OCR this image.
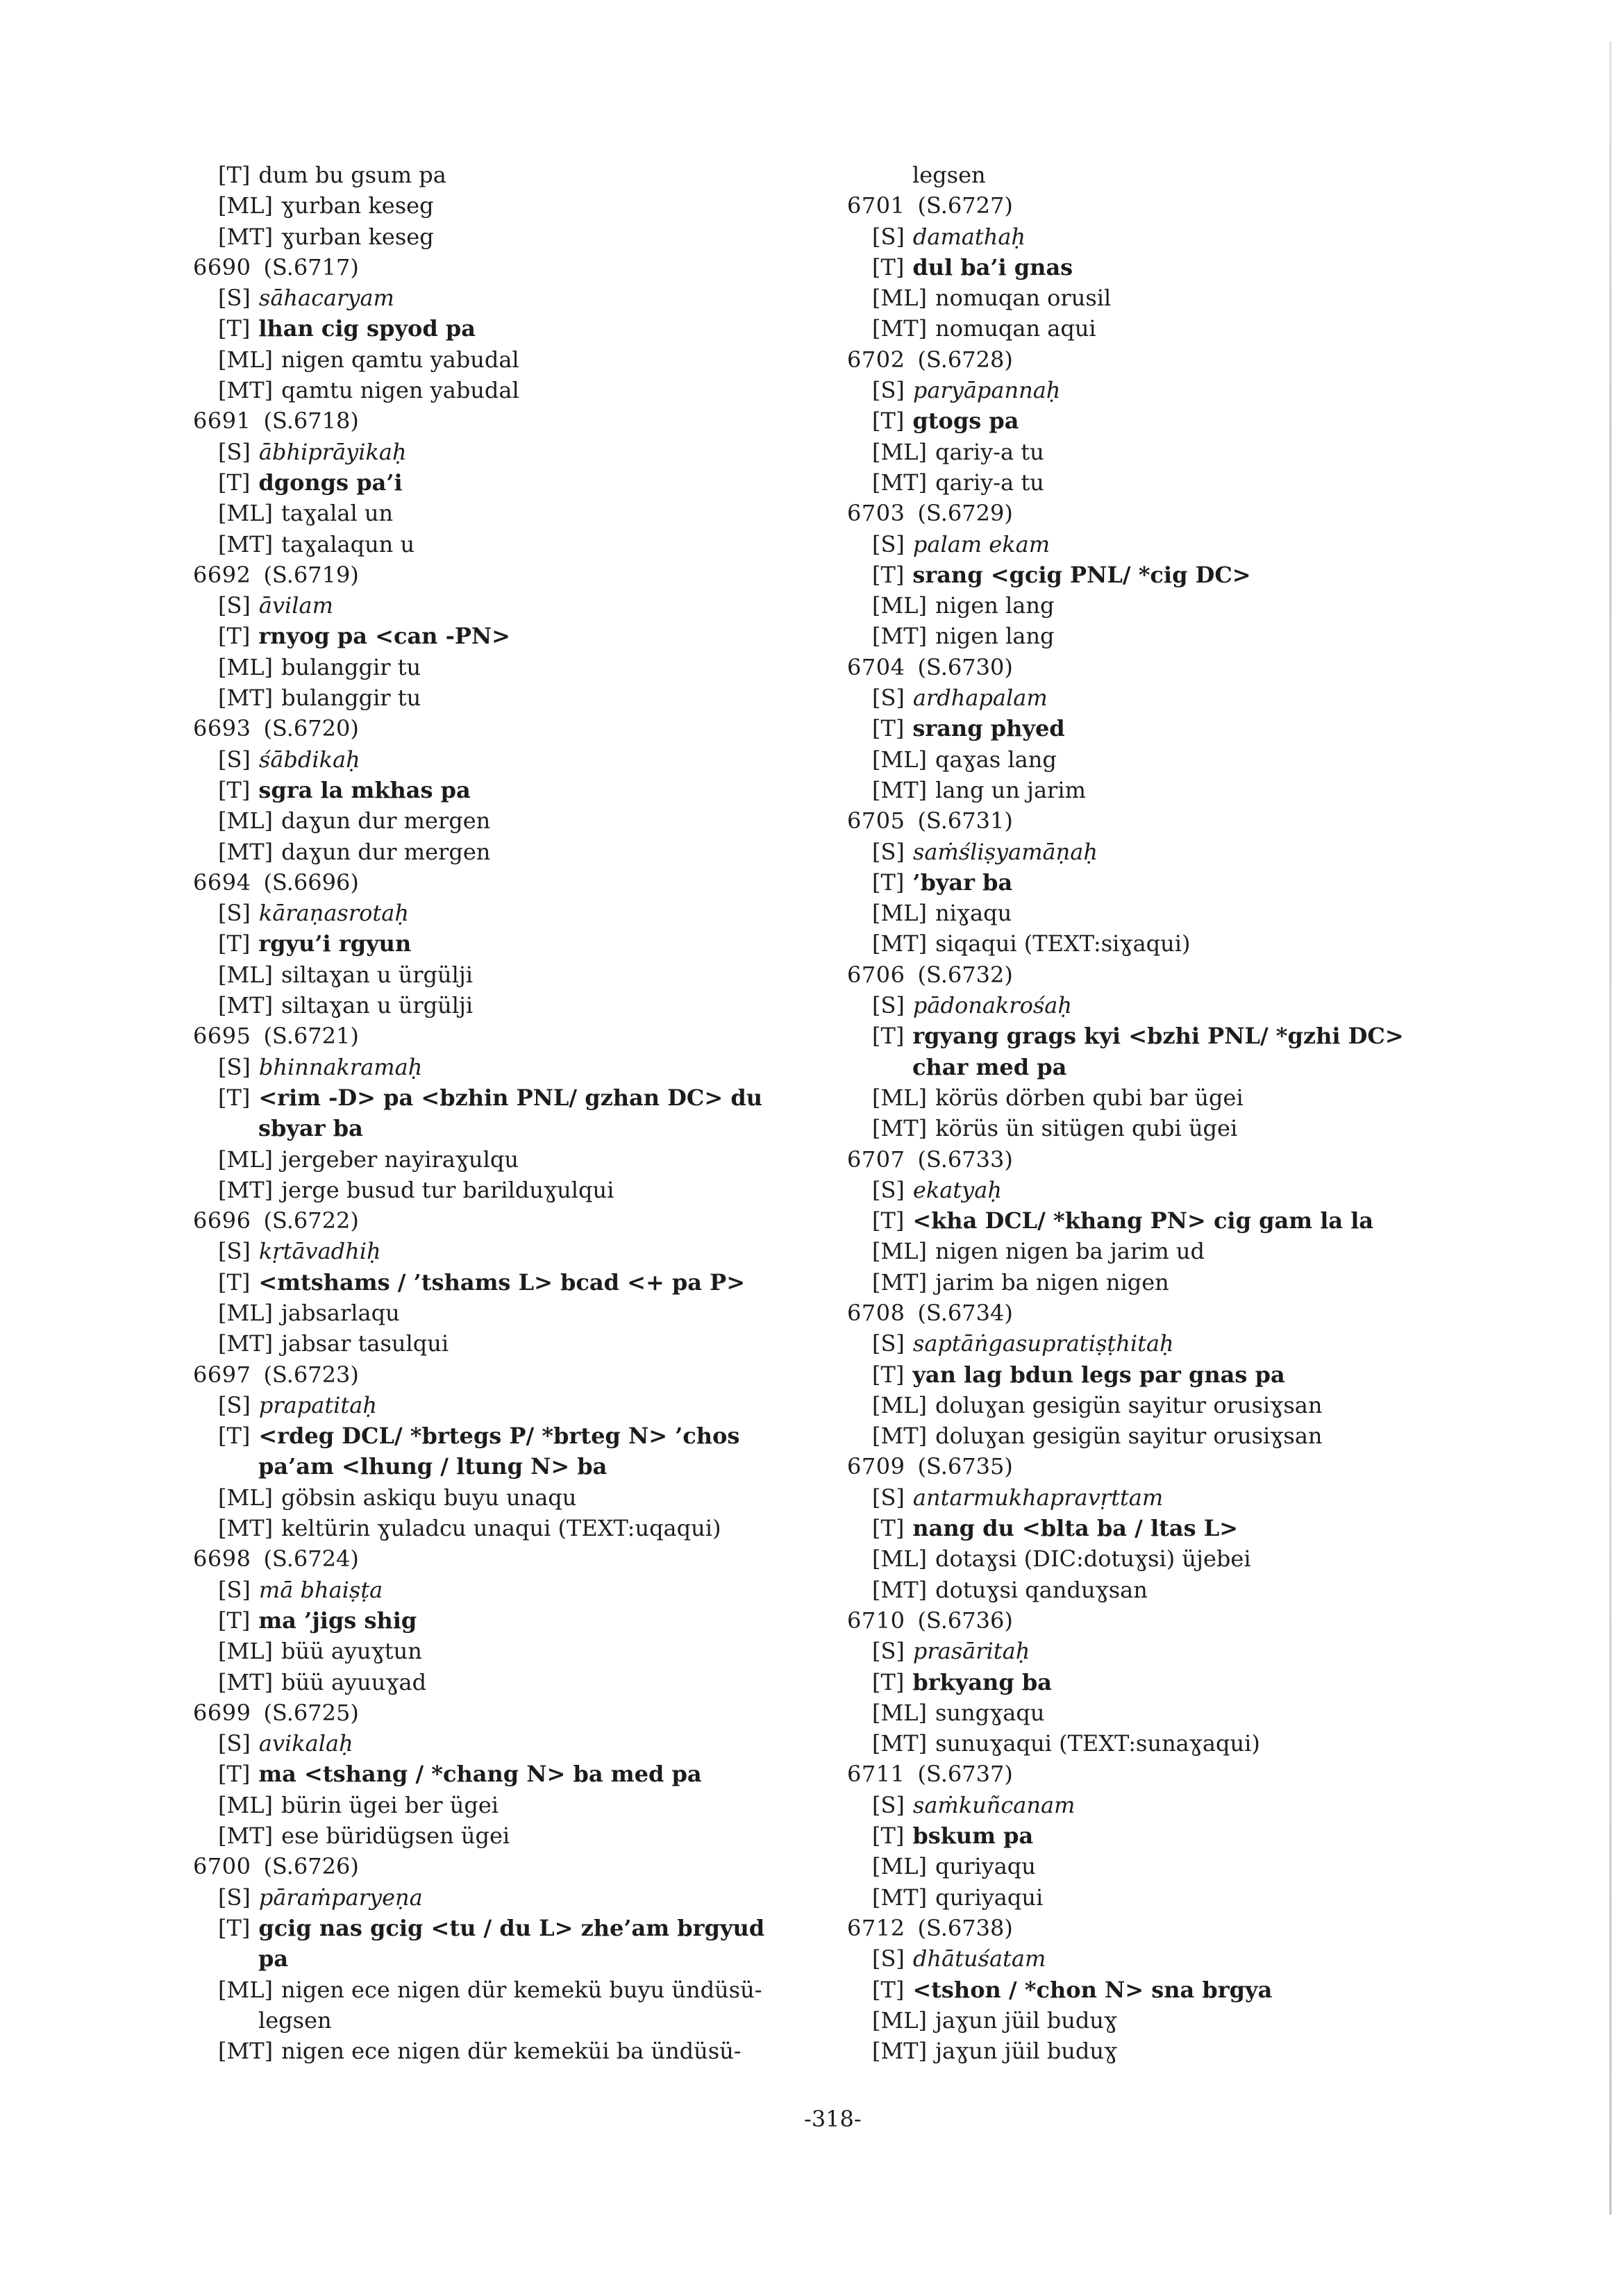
[T] dum bu gsum pa
[ML] ɣurban keseg
[MT] ɣurban keseg
6690 (S.6717)
[S] sāhacaryam
[T] lhan cig spyod pa
[ML] nigen qamtu yabudal
[MT] qamtu nigen yabudal
6691 (S.6718)
[S] ābhiprāyikaḥ
[T] dgongs pa’i
[ML] taɣalal un
[MT] taɣalaqun u
6692 (S.6719)
[S] āvilam
[T] rnyog pa <can -PN>
[ML] bulanggir tu
[MT] bulanggir tu
6693 (S.6720)
[S] śābdikaḥ
[T] sgra la mkhas pa
[ML] daɣun dur mergen
[MT] daɣun dur mergen
6694 (S.6696)
[S] kāraṇasrotaḥ
[T] rgyu’i rgyun
[ML] siltaɣan u ürgülji
[MT] siltaɣan u ürgülji
6695 (S.6721)
[S] bhinnakramaḥ
[T] <rim -D> pa <bzhin PNL/ gzhan DC> du
sbyar ba
[ML] jergeber nayiraɣulqu
[MT] jerge busud tur barilduɣulqui
6696 (S.6722)
[S] kṛtāvadhiḥ
[T] <mtshams / ’tshams L> bcad <+ pa P>
[ML] jabsarlaqu
[MT] jabsar tasulqui
6697 (S.6723)
[S] prapatitaḥ
[T] <rdeg DCL/ *brtegs P/ *brteg N> ’chos
pa’am <lhung / ltung N> ba
[ML] göbsin askiqu buyu unaqu
[MT] keltürin ɣuladcu unaqui (TEXT:uqaqui)
6698 (S.6724)
[S] mā bhaiṣṭa
[T] ma ’jigs shig
[ML] büü ayuɣtun
[MT] büü ayuuɣad
6699 (S.6725)
[S] avikalaḥ
[T] ma <tshang / *chang N> ba med pa
[ML] bürin ügei ber ügei
[MT] ese büridügsen ügei
6700 (S.6726)
[S] pāraṁparyeṇa
[T] gcig nas gcig <tu / du L> zhe’am brgyud
pa
[ML] nigen ece nigen dür kemekü buyu ündüsü-
legsen
[MT] nigen ece nigen dür kemeküi ba ündüsü-
legsen
6701 (S.6727)
[S] damathaḥ
[T] dul ba’i gnas
[ML] nomuqan orusil
[MT] nomuqan aqui
6702 (S.6728)
[S] paryāpannaḥ
[T] gtogs pa
[ML] qariy-a tu
[MT] qariy-a tu
6703 (S.6729)
[S] palam ekam
[T] srang <gcig PNL/ *cig DC>
[ML] nigen lang
[MT] nigen lang
6704 (S.6730)
[S] ardhapalam
[T] srang phyed
[ML] qaɣas lang
[MT] lang un jarim
6705 (S.6731)
[S] saṁśliṣyamāṇaḥ
[T] ’byar ba
[ML] niɣaqu
[MT] siqaqui (TEXT:siɣaqui)
6706 (S.6732)
[S] pādonakrośaḥ
[T] rgyang grags kyi <bzhi PNL/ *gzhi DC>
char med pa
[ML] körüs dörben qubi bar ügei
[MT] körüs ün sitügen qubi ügei
6707 (S.6733)
[S] ekatyaḥ
[T] <kha DCL/ *khang PN> cig gam la la
[ML] nigen nigen ba jarim ud
[MT] jarim ba nigen nigen
6708 (S.6734)
[S] saptāṅgasupratiṣṭhitaḥ
[T] yan lag bdun legs par gnas pa
[ML] doluɣan gesigün sayitur orusiɣsan
[MT] doluɣan gesigün sayitur orusiɣsan
6709 (S.6735)
[S] antarmukhapravṛttam
[T] nang du <blta ba / ltas L>
[ML] dotaɣsi (DIC:dotuɣsi) üjebei
[MT] dotuɣsi qanduɣsan
6710 (S.6736)
[S] prasāritaḥ
[T] brkyang ba
[ML] sungɣaqu
[MT] sunuɣaqui (TEXT:sunaɣaqui)
6711 (S.6737)
[S] saṁkuñcanam
[T] bskum pa
[ML] quriyaqu
[MT] quriyaqui
6712 (S.6738)
[S] dhātuśatam
[T] <tshon / *chon N> sna brgya
[ML] jaɣun jüil buduɣ
[MT] jaɣun jüil buduɣ
-318-
